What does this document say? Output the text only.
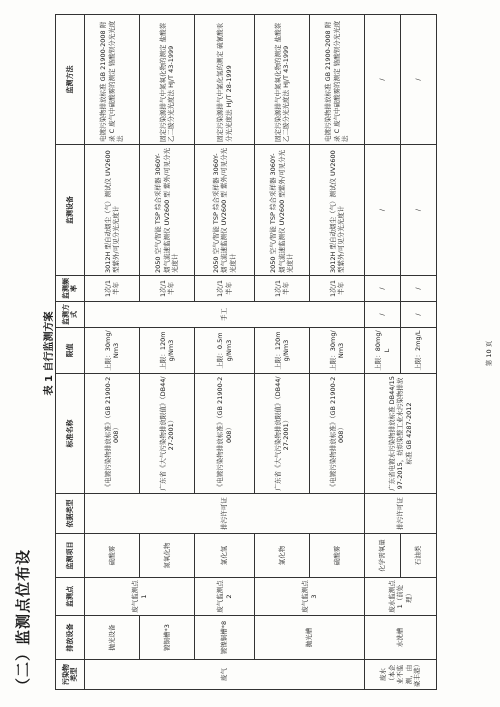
（二）监测点位布设
表 1 自行监测方案
污染物类型	排放设备	监测点	监测项目	依据类型	标准名称	限值	监测方式	监测频率	监测设备	监测方法
废气	抛光设备	废气监测点 1	硫酸雾	排污许可证	《电镀污染物排放标准》（GB 21900-2008）	上限：30mg/Nm3	手工	1次/1半年	3012H 型自动烟尘（气）测试仪 UV2600 型紫外/可见分光光度计	电镀污染物排放标准 GB 21900-2008 附录 C 废气中硫酸雾的测定 铬酸钡分光光度法
	镀铜槽*3		氮氧化物		广东省《大气污染物排放限值》（DB44/27-2001）	上限：120mg/Nm3		1次/1半年	2050 空气/智能 TSP 综合采样器 3060Y-烟气流速监测仪 UV2600 型 紫外/可见分光光度计	固定污染源排气中氮氧化物的测定 盐酸萘乙二胺分光光度法 HJ/T 43-1999
	镀镍铜槽*8	废气监测点 2	氯化氢		《电镀污染物排放标准》（GB 21900-2008）	上限：0.5mg/Nm3		1次/1半年	2050 空气/智能 TSP 综合采样器 3060Y-烟气流速监测仪 UV2600 型 紫外/可见分光光度计	固定污染源排气中氯化氢的测定 硫氰酸汞分光光度法 HJ/T 28-1999
	抛光槽	废气监测点 3	氯化物		广东省《大气污染物排放限值》（DB44/27-2001）	上限：120mg/Nm3		1次/1半年	2050 空气/智能 TSP 综合采样器 3060Y-烟气流速监测仪 UV2600 型紫外/可见分光光度计	固定污染源排气中氮氧化物的测定 盐酸萘乙二胺分光光度法 HJ/T 43-1999
			硫酸雾		《电镀污染物排放标准》（GB 21900-2008）	上限：30mg/Nm3		1次/1半年	3012H 型自动烟尘（气）测试仪 UV2600 型紫外/可见分光光度计	电镀污染物排放标准 GB 21900-2008 附录 C 废气中硫酸雾的测定 铬酸钡分光光度法
废水（本企业不监测，由豪丰港）	水洗槽	废水监测点 1（前处理）	化学需氧量	排污许可证	广东省电镀水污染物排放标准 DB44/1597-2015，纺织染整工业水污染物排放标准 GB 4287-2012	上限：80mg/L	/	/	/	/
			石油类			上限：2mg/L	/	/	/	/
第 10 页
